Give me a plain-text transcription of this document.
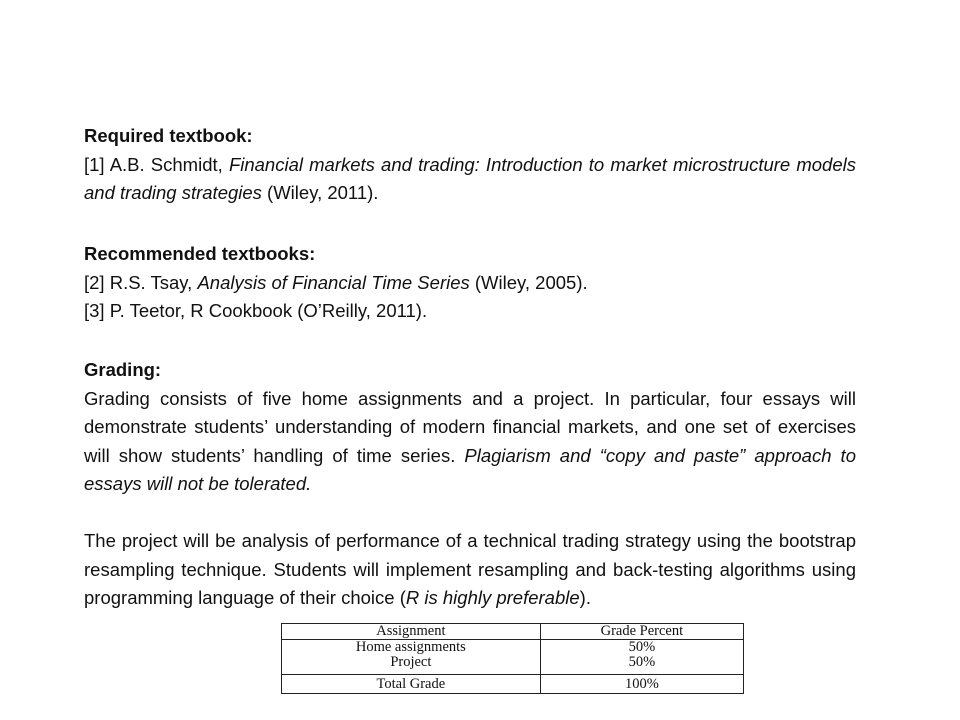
Required textbook:
[1] A.B. Schmidt, Financial markets and trading: Introduction to market microstructure models and trading strategies (Wiley, 2011).
Recommended textbooks:
[2] R.S. Tsay, Analysis of Financial Time Series (Wiley, 2005).
[3] P. Teetor, R Cookbook (O’Reilly, 2011).
Grading:
Grading consists of five home assignments and a project. In particular, four essays will demonstrate students’ understanding of modern financial markets, and one set of exercises will show students’ handling of time series. Plagiarism and “copy and paste” approach to essays will not be tolerated.
The project will be analysis of performance of a technical trading strategy using the bootstrap resampling technique. Students will implement resampling and back-testing algorithms using programming language of their choice (R is highly preferable).
Assignment	Grade Percent
Home assignments	50%
Project	50%

Total Grade	100%
